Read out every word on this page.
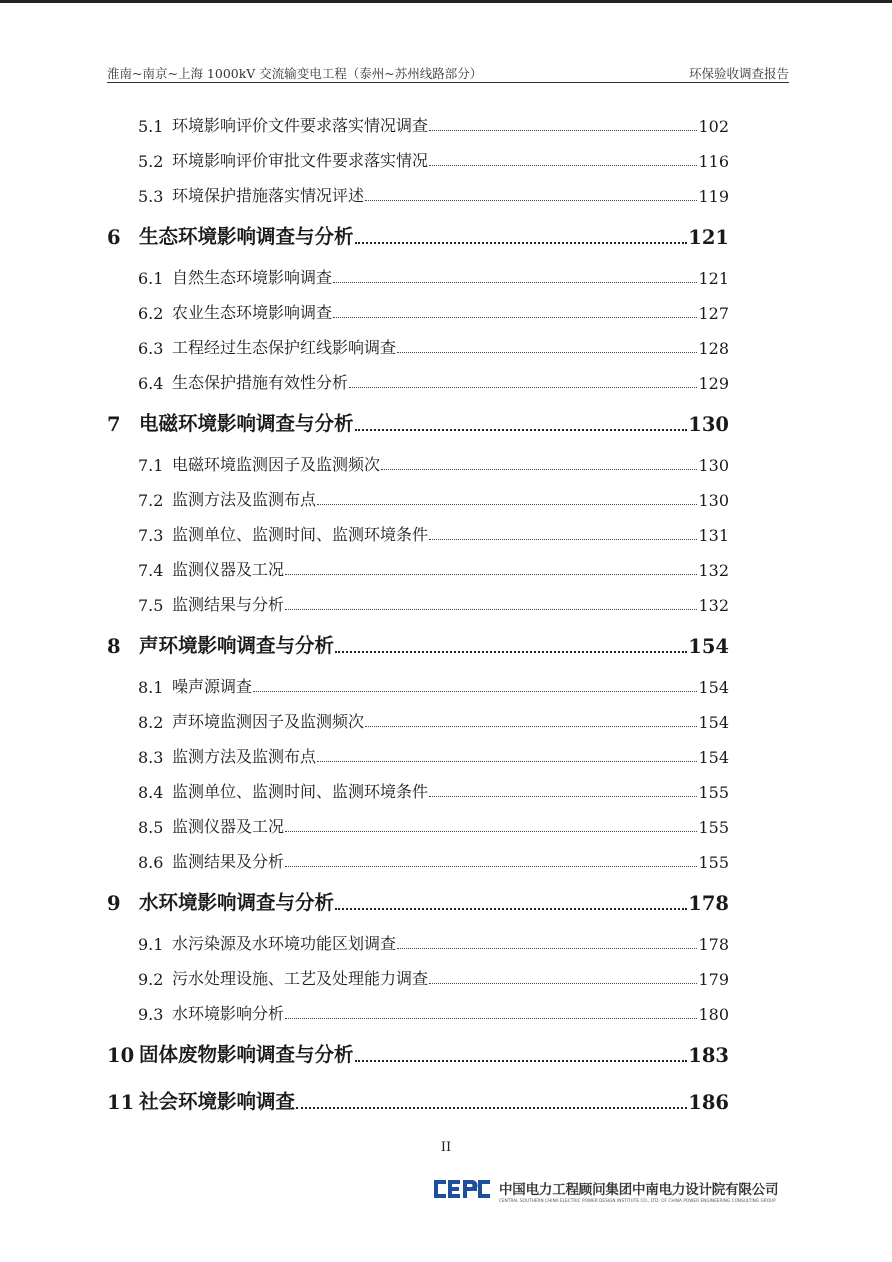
淮南~南京~上海 1000kV 交流输变电工程（泰州~苏州线路部分）	环保验收调查报告
5.1 环境影响评价文件要求落实情况调查	102
5.2 环境影响评价审批文件要求落实情况	116
5.3 环境保护措施落实情况评述	119
6 生态环境影响调查与分析	121
6.1 自然生态环境影响调查	121
6.2 农业生态环境影响调查	127
6.3 工程经过生态保护红线影响调查	128
6.4 生态保护措施有效性分析	129
7 电磁环境影响调查与分析	130
7.1 电磁环境监测因子及监测频次	130
7.2 监测方法及监测布点	130
7.3 监测单位、监测时间、监测环境条件	131
7.4 监测仪器及工况	132
7.5 监测结果与分析	132
8 声环境影响调查与分析	154
8.1 噪声源调查	154
8.2 声环境监测因子及监测频次	154
8.3 监测方法及监测布点	154
8.4 监测单位、监测时间、监测环境条件	155
8.5 监测仪器及工况	155
8.6 监测结果及分析	155
9 水环境影响调查与分析	178
9.1 水污染源及水环境功能区划调查	178
9.2 污水处理设施、工艺及处理能力调查	179
9.3 水环境影响分析	180
10 固体废物影响调查与分析	183
11 社会环境影响调查	186
II
中国电力工程顾问集团中南电力设计院有限公司
CENTRAL SOUTHERN CHINA ELECTRIC POWER DESIGN INSTITUTE CO., LTD. OF CHINA POWER ENGINEERING CONSULTING GROUP
